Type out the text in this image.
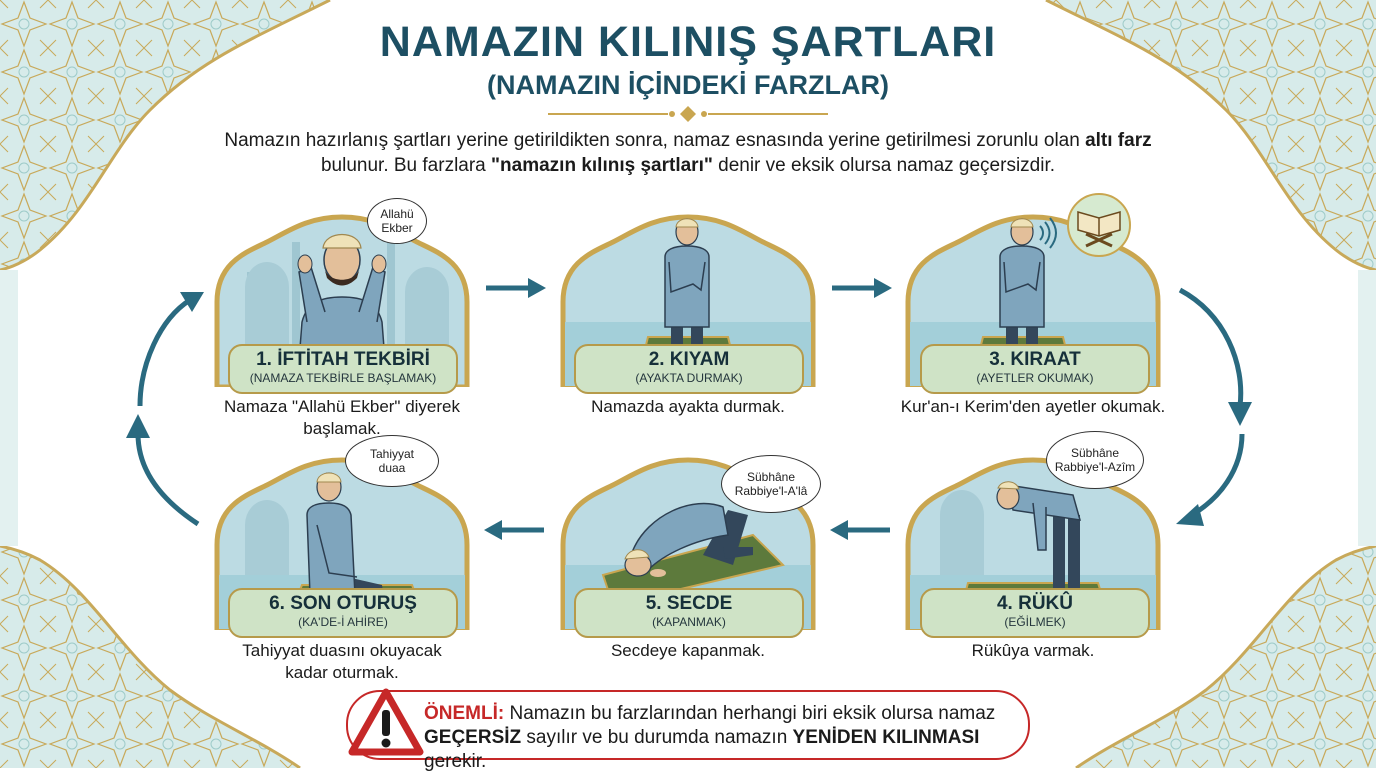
NAMAZIN KILINIŞ ŞARTLARI
(NAMAZIN İÇİNDEKİ FARZLAR)
Namazın hazırlanış şartları yerine getirildikten sonra, namaz esnasında yerine getirilmesi zorunlu olan altı farz
bulunur. Bu farzlara "namazın kılınış şartları" denir ve eksik olursa namaz geçersizdir.
Allahü
Ekber
1. İFTİTAH TEKBİRİ
(NAMAZA TEKBİRLE BAŞLAMAK)
Namaza "Allahü Ekber" diyerek başlamak.
2. KIYAM
(AYAKTA DURMAK)
Namazda ayakta durmak.
3. KIRAAT
(AYETLER OKUMAK)
Kur'an-ı Kerim'den ayetler okumak.
Tahiyyat
duaa
6. SON OTURUŞ
(KA'DE-İ AHİRE)
Tahiyyat duasını okuyacak
kadar oturmak.
Sübhâne
Rabbiye'l-A'lâ
5. SECDE
(KAPANMAK)
Secdeye kapanmak.
Sübhâne
Rabbiye'l-Azîm
4. RÜKÛ
(EĞİLMEK)
Rükûya varmak.
ÖNEMLİ: Namazın bu farzlarından herhangi biri eksik olursa namaz
GEÇERSİZ sayılır ve bu durumda namazın YENİDEN KILINMASI gerekir.
